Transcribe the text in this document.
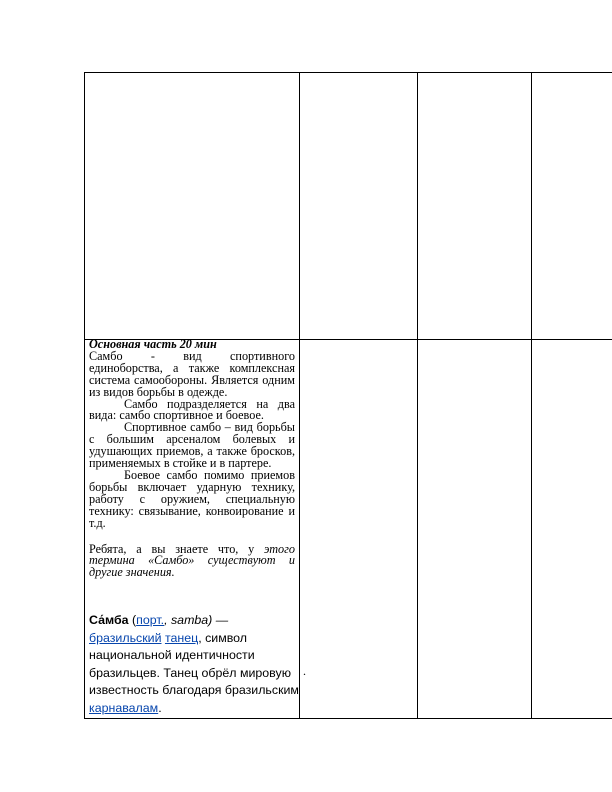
Основная часть 20 мин

Самбо - вид спортивного единоборства, а также комплексная система самообороны. Является одним из видов борьбы в одежде.

Самбо подразделяется на два вида: самбо спортивное и боевое.

Спортивное самбо – вид борьбы с большим арсеналом болевых и удушающих приемов, а также бросков, применяемых в стойке и в партере.

Боевое самбо помимо приемов борьбы включает ударную технику, работу с оружием, специальную технику: связывание, конвоирование и т.д.

Ребята, а вы знаете что, у этого термина «Самбо» существуют и другие значения.

Са́мба (порт., samba) — бразильский танец, символ национальной идентичности бразильцев. Танец обрёл мировую известность благодаря бразильским карнавалам.
.
